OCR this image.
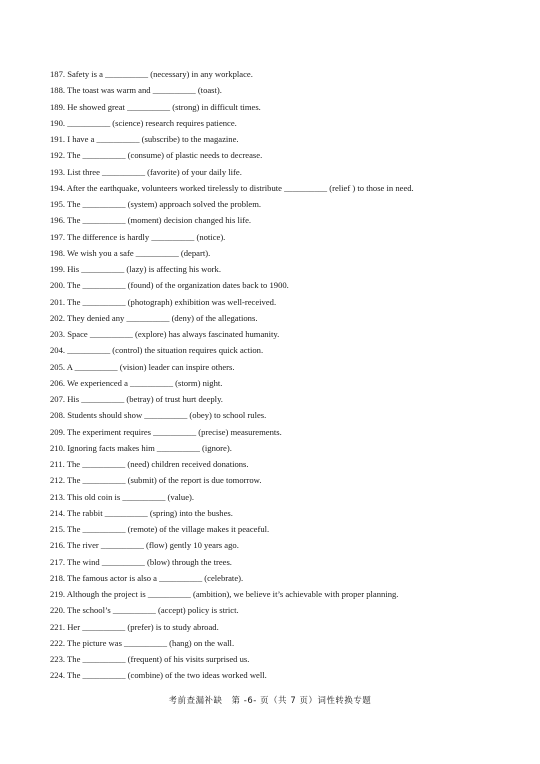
187. Safety is a __________ (necessary) in any workplace.
188. The toast was warm and __________ (toast).
189. He showed great __________ (strong) in difficult times.
190. __________ (science) research requires patience.
191. I have a __________ (subscribe) to the magazine.
192. The __________ (consume) of plastic needs to decrease.
193. List three __________ (favorite) of your daily life.
194. After the earthquake, volunteers worked tirelessly to distribute __________ (relief ) to those in need.
195. The __________ (system) approach solved the problem.
196. The __________ (moment) decision changed his life.
197. The difference is hardly __________ (notice).
198. We wish you a safe __________ (depart).
199. His __________ (lazy) is affecting his work.
200. The __________ (found) of the organization dates back to 1900.
201. The __________ (photograph) exhibition was well-received.
202. They denied any __________ (deny) of the allegations.
203. Space __________ (explore) has always fascinated humanity.
204. __________ (control) the situation requires quick action.
205. A __________ (vision) leader can inspire others.
206. We experienced a __________ (storm) night.
207. His __________ (betray) of trust hurt deeply.
208. Students should show __________ (obey) to school rules.
209. The experiment requires __________ (precise) measurements.
210. Ignoring facts makes him __________ (ignore).
211. The __________ (need) children received donations.
212. The __________ (submit) of the report is due tomorrow.
213. This old coin is __________ (value).
214. The rabbit __________ (spring) into the bushes.
215. The __________ (remote) of the village makes it peaceful.
216. The river __________ (flow) gently 10 years ago.
217. The wind __________ (blow) through the trees.
218. The famous actor is also a __________ (celebrate).
219. Although the project is __________ (ambition), we believe it’s achievable with proper planning.
220. The school’s __________ (accept) policy is strict.
221. Her __________ (prefer) is to study abroad.
222. The picture was __________ (hang) on the wall.
223. The __________ (frequent) of his visits surprised us.
224. The __________ (combine) of the two ideas worked well.
考前查漏补缺　第 -6- 页（共 7 页）词性转换专题
